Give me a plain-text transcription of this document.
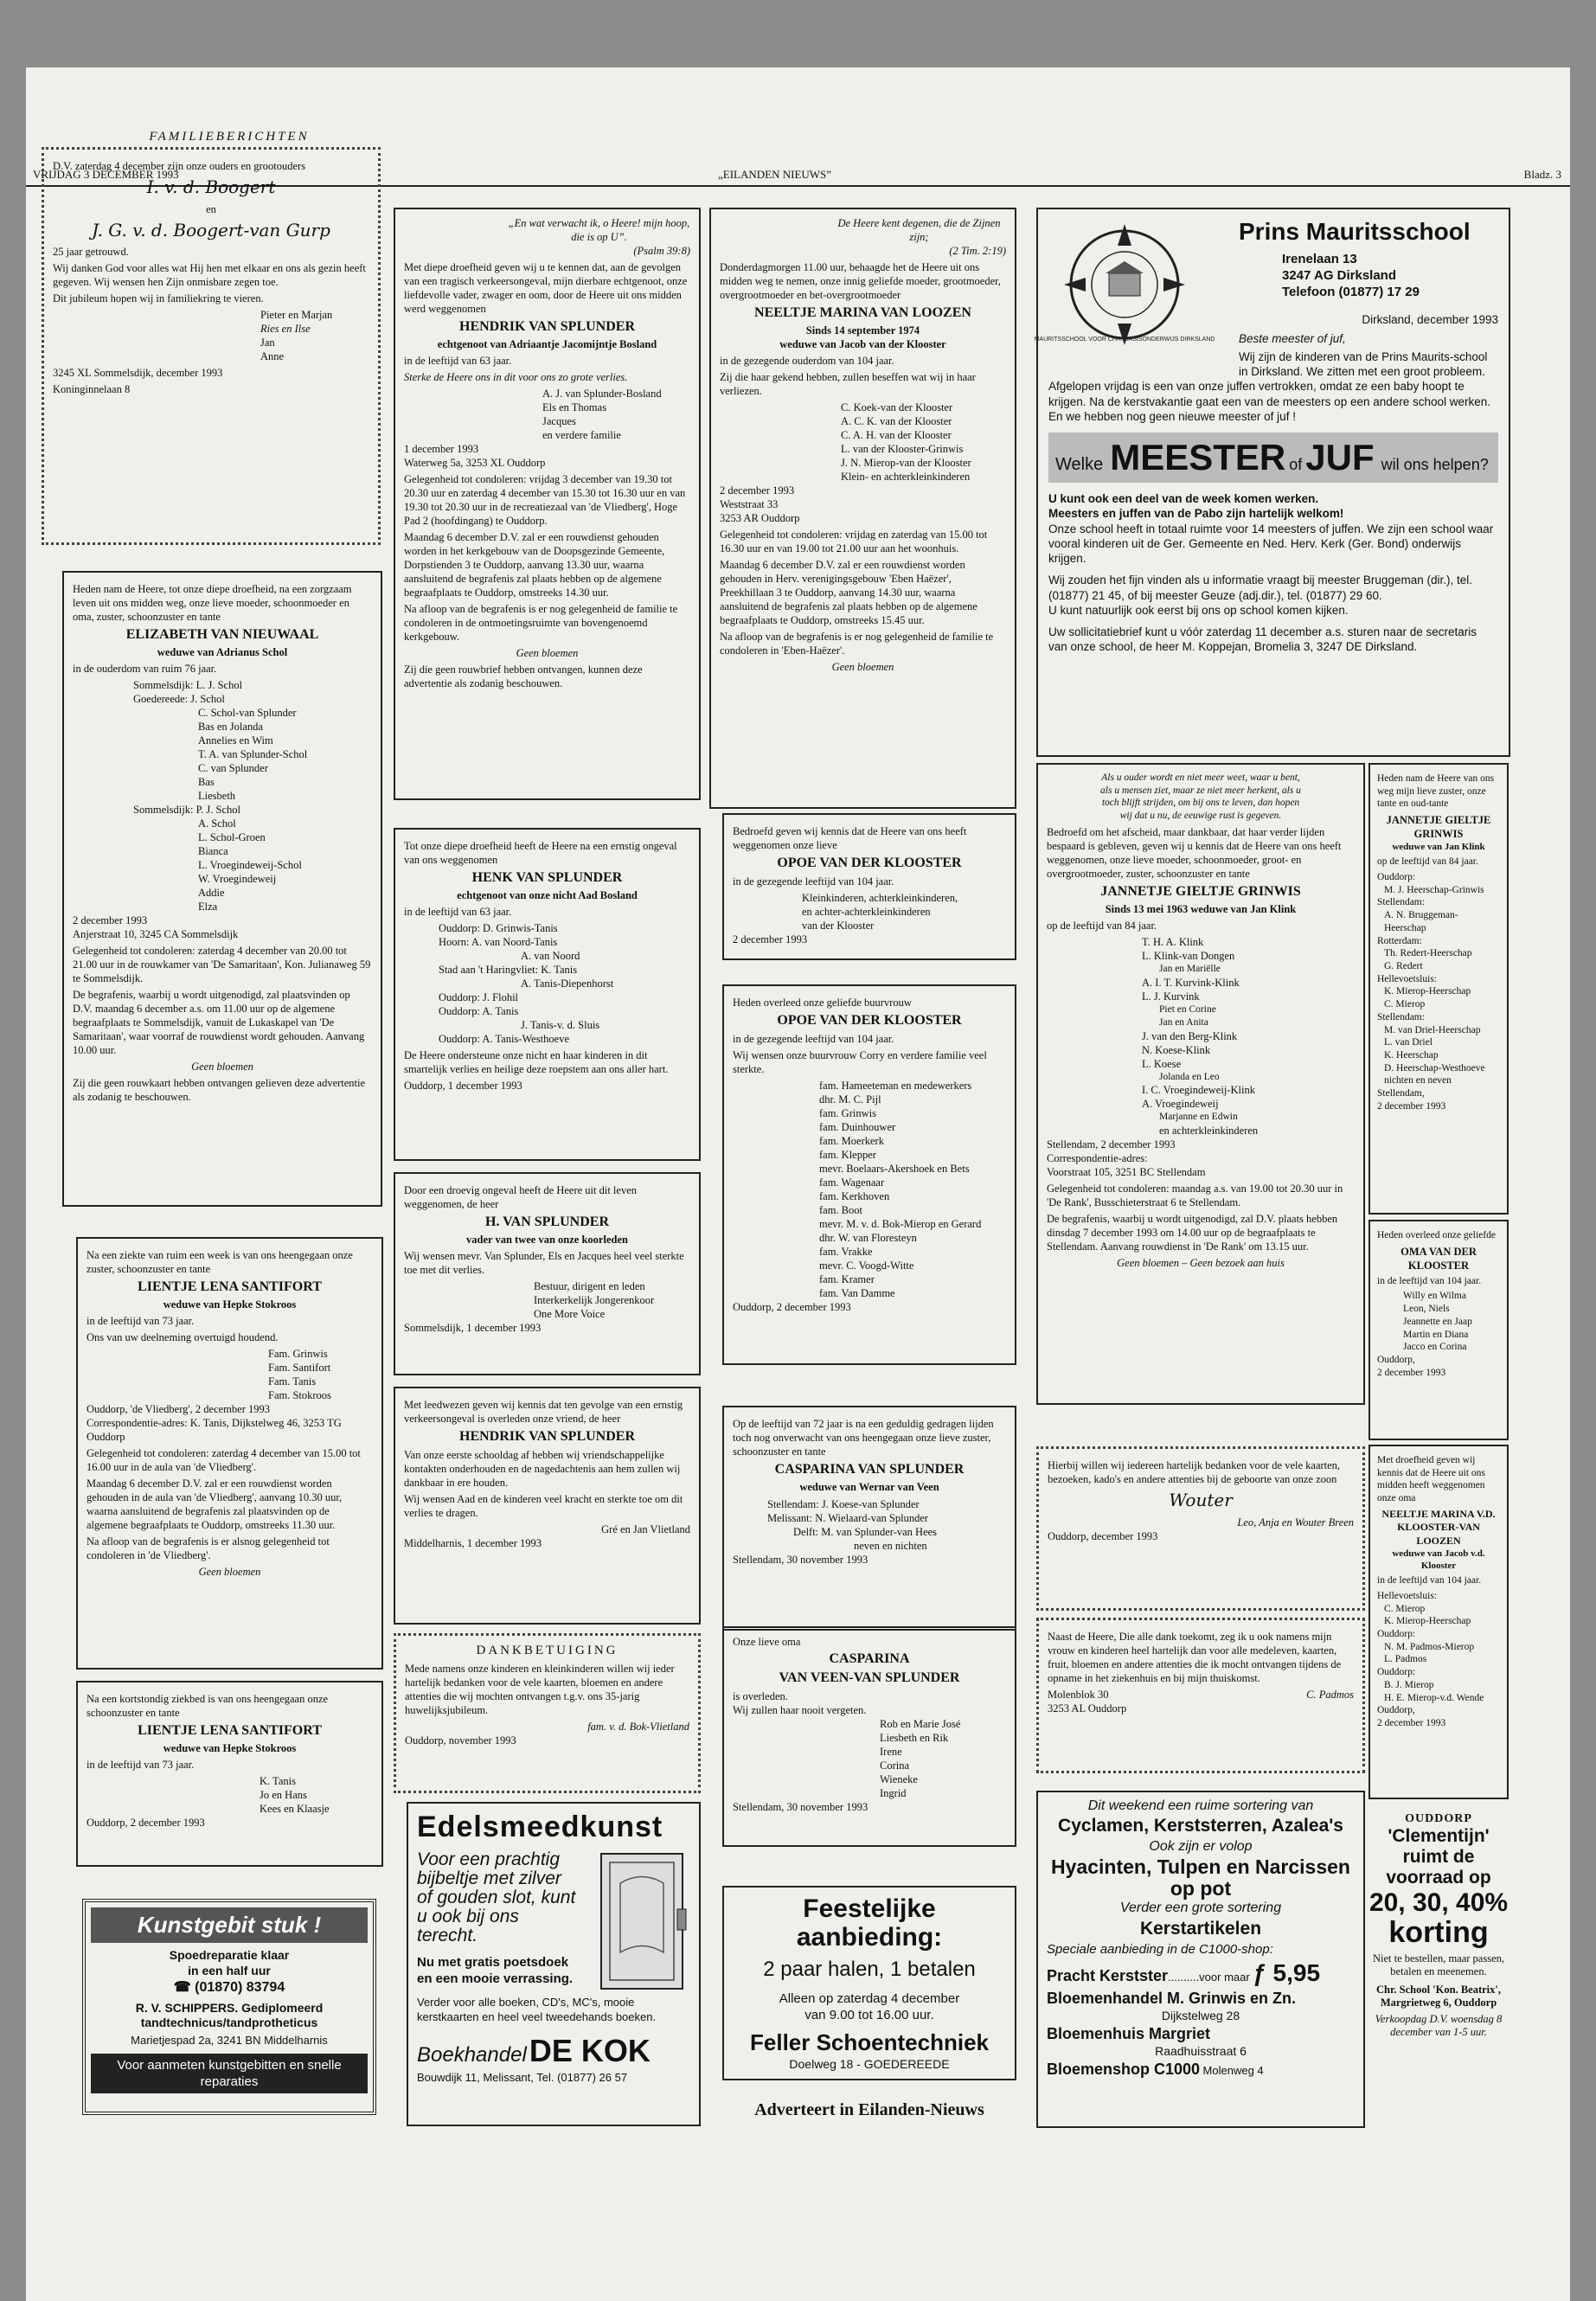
VRIJDAG 3 DECEMBER 1993	„EILANDEN NIEUWS”	Bladz. 3
FAMILIEBERICHTEN

D.V. zaterdag 4 december zijn onze ouders en grootouders

I. v. d. Boogert
en
J. G. v. d. Boogert-van Gurp

25 jaar getrouwd.

Wij danken God voor alles wat Hij hen met elkaar en ons als gezin heeft gegeven. Wij wensen hen Zijn onmisbare zegen toe.

Dit jubileum hopen wij in familiekring te vieren.

Pieter en Marjan
Ries en Ilse
Jan
Anne

3245 XL Sommelsdijk, december 1993

Koninginnelaan 8

Heden nam de Heere, tot onze diepe droefheid, na een zorgzaam leven uit ons midden weg, onze lieve moeder, schoonmoeder en oma, zuster, schoonzuster en tante

ELIZABETH VAN NIEUWAAL
weduwe van Adrianus Schol

in de ouderdom van ruim 76 jaar.

Sommelsdijk: L. J. Schol
Goedereede: J. Schol
C. Schol-van Splunder
Bas en Jolanda
Annelies en Wim
T. A. van Splunder-Schol
C. van Splunder
Bas
Liesbeth
Sommelsdijk: P. J. Schol
A. Schol
L. Schol-Groen
Bianca
L. Vroegindeweij-Schol
W. Vroegindeweij
Addie
Elza
2 december 1993
Anjerstraat 10, 3245 CA Sommelsdijk

Gelegenheid tot condoleren: zaterdag 4 december van 20.00 tot 21.00 uur in de rouwkamer van 'De Samaritaan', Kon. Julianaweg 59 te Sommelsdijk.

De begrafenis, waarbij u wordt uitgenodigd, zal plaatsvinden op D.V. maandag 6 december a.s. om 11.00 uur op de algemene begraafplaats te Sommelsdijk, vanuit de Lukaskapel van 'De Samaritaan', waar voorraf de rouwdienst wordt gehouden. Aanvang 10.00 uur.

Geen bloemen

Zij die geen rouwkaart hebben ontvangen gelieven deze advertentie als zodanig te beschouwen.

Na een ziekte van ruim een week is van ons heengegaan onze zuster, schoonzuster en tante

LIENTJE LENA SANTIFORT
weduwe van Hepke Stokroos

in de leeftijd van 73 jaar.

Ons van uw deelneming overtuigd houdend.

Fam. Grinwis
Fam. Santifort
Fam. Tanis
Fam. Stokroos
Ouddorp, 'de Vliedberg', 2 december 1993
Correspondentie-adres: K. Tanis, Dijkstelweg 46, 3253 TG Ouddorp

Gelegenheid tot condoleren: zaterdag 4 december van 15.00 tot 16.00 uur in de aula van 'de Vliedberg'.

Maandag 6 december D.V. zal er een rouwdienst worden gehouden in de aula van 'de Vliedberg', aanvang 10.30 uur, waarna aansluitend de begrafenis zal plaatsvinden op de algemene begraafplaats te Ouddorp, omstreeks 11.30 uur.

Na afloop van de begrafenis is er alsnog gelegenheid tot condoleren in 'de Vliedberg'.

Geen bloemen

Na een kortstondig ziekbed is van ons heengegaan onze schoonzuster en tante

LIENTJE LENA SANTIFORT
weduwe van Hepke Stokroos

in de leeftijd van 73 jaar.

K. Tanis
Jo en Hans
Kees en Klaasje
Ouddorp, 2 december 1993
Kunstgebit stuk !
Spoedreparatie klaar
in een half uur
☎ (01870) 83794
R. V. SCHIPPERS. Gediplomeerd tandtechnicus/tandprotheticus
Marietjespad 2a, 3241 BN Middelharnis
Voor aanmeten kunstgebitten en snelle reparaties
„En wat verwacht ik, o Heere! mijn hoop, die is op U”.
(Psalm 39:8)

Met diepe droefheid geven wij u te kennen dat, aan de gevolgen van een tragisch verkeersongeval, mijn dierbare echtgenoot, onze liefdevolle vader, zwager en oom, door de Heere uit ons midden werd weggenomen

HENDRIK VAN SPLUNDER
echtgenoot van Adriaantje Jacomijntje Bosland

in de leeftijd van 63 jaar.

Sterke de Heere ons in dit voor ons zo grote verlies.

A. J. van Splunder-Bosland
Els en Thomas
Jacques
en verdere familie
1 december 1993
Waterweg 5a, 3253 XL Ouddorp

Gelegenheid tot condoleren: vrijdag 3 december van 19.30 tot 20.30 uur en zaterdag 4 december van 15.30 tot 16.30 uur en van 19.30 tot 20.30 uur in de recreatiezaal van 'de Vliedberg', Hoge Pad 2 (hoofdingang) te Ouddorp.

Maandag 6 december D.V. zal er een rouwdienst gehouden worden in het kerkgebouw van de Doopsgezinde Gemeente, Dorpstienden 3 te Ouddorp, aanvang 13.30 uur, waarna aansluitend de begrafenis zal plaats hebben op de algemene begraafplaats te Ouddorp, omstreeks 14.30 uur.

Na afloop van de begrafenis is er nog gelegenheid de familie te condoleren in de ontmoetingsruimte van bovengenoemd kerkgebouw.

Geen bloemen

Zij die geen rouwbrief hebben ontvangen, kunnen deze advertentie als zodanig beschouwen.

Tot onze diepe droefheid heeft de Heere na een ernstig ongeval van ons weggenomen

HENK VAN SPLUNDER
echtgenoot van onze nicht Aad Bosland

in de leeftijd van 63 jaar.

Ouddorp: D. Grinwis-Tanis
Hoorn: A. van Noord-Tanis
A. van Noord
Stad aan 't Haringvliet: K. Tanis
A. Tanis-Diepenhorst
Ouddorp: J. Flohil
Ouddorp: A. Tanis
J. Tanis-v. d. Sluis
Ouddorp: A. Tanis-Westhoeve

De Heere ondersteune onze nicht en haar kinderen in dit smartelijk verlies en heilige deze roepstem aan ons aller hart.

Ouddorp, 1 december 1993

Door een droevig ongeval heeft de Heere uit dit leven weggenomen, de heer

H. VAN SPLUNDER
vader van twee van onze koorleden

Wij wensen mevr. Van Splunder, Els en Jacques heel veel sterkte toe met dit verlies.

Bestuur, dirigent en leden
Interkerkelijk Jongerenkoor
One More Voice
Sommelsdijk, 1 december 1993

Met leedwezen geven wij kennis dat ten gevolge van een ernstig verkeersongeval is overleden onze vriend, de heer

HENDRIK VAN SPLUNDER

Van onze eerste schooldag af hebben wij vriendschappelijke kontakten onderhouden en de nagedachtenis aan hem zullen wij dankbaar in ere houden.

Wij wensen Aad en de kinderen veel kracht en sterkte toe om dit verlies te dragen.

Gré en Jan Vlietland
Middelharnis, 1 december 1993
DANKBETUIGING

Mede namens onze kinderen en kleinkinderen willen wij ieder hartelijk bedanken voor de vele kaarten, bloemen en andere attenties die wij mochten ontvangen t.g.v. ons 35-jarig huwelijksjubileum.

fam. v. d. Bok-Vlietland
Ouddorp, november 1993
Edelsmeedkunst
Voor een prachtig bijbeltje met zilver of gouden slot, kunt u ook bij ons terecht.
Nu met gratis poetsdoek en een mooie verrassing.
Verder voor alle boeken, CD's, MC's, mooie kerstkaarten en heel veel tweedehands boeken.
Boekhandel DE KOK
Bouwdijk 11, Melissant, Tel. (01877) 26 57
De Heere kent degenen, die de Zijnen zijn;
(2 Tim. 2:19)

Donderdagmorgen 11.00 uur, behaagde het de Heere uit ons midden weg te nemen, onze innig geliefde moeder, grootmoeder, overgrootmoeder en bet-overgrootmoeder

NEELTJE MARINA VAN LOOZEN
Sinds 14 september 1974
weduwe van Jacob van der Klooster

in de gezegende ouderdom van 104 jaar.

Zij die haar gekend hebben, zullen beseffen wat wij in haar verliezen.

C. Koek-van der Klooster
A. C. K. van der Klooster
C. A. H. van der Klooster
L. van der Klooster-Grinwis
J. N. Mierop-van der Klooster
Klein- en achterkleinkinderen
2 december 1993
Weststraat 33
3253 AR Ouddorp

Gelegenheid tot condoleren: vrijdag en zaterdag van 15.00 tot 16.30 uur en van 19.00 tot 21.00 uur aan het woonhuis.

Maandag 6 december D.V. zal er een rouwdienst worden gehouden in Herv. verenigingsgebouw 'Eben Haëzer', Preekhillaan 3 te Ouddorp, aanvang 14.30 uur, waarna aansluitend de begrafenis zal plaats hebben op de algemene begraafplaats te Ouddorp, omstreeks 15.45 uur.

Na afloop van de begrafenis is er nog gelegenheid de familie te condoleren in 'Eben-Haëzer'.

Geen bloemen

Bedroefd geven wij kennis dat de Heere van ons heeft weggenomen onze lieve

OPOE VAN DER KLOOSTER

in de gezegende leeftijd van 104 jaar.

Kleinkinderen, achterkleinkinderen,
en achter-achterkleinkinderen
van der Klooster
2 december 1993

Heden overleed onze geliefde buurvrouw

OPOE VAN DER KLOOSTER

in de gezegende leeftijd van 104 jaar.

Wij wensen onze buurvrouw Corry en verdere familie veel sterkte.

fam. Hameeteman en medewerkers
dhr. M. C. Pijl
fam. Grinwis
fam. Duinhouwer
fam. Moerkerk
fam. Klepper
mevr. Boelaars-Akershoek en Bets
fam. Wagenaar
fam. Kerkhoven
fam. Boot
mevr. M. v. d. Bok-Mierop en Gerard
dhr. W. van Floresteyn
fam. Vrakke
mevr. C. Voogd-Witte
fam. Kramer
fam. Van Damme
Ouddorp, 2 december 1993

Op de leeftijd van 72 jaar is na een geduldig gedragen lijden toch nog onverwacht van ons heengegaan onze lieve zuster, schoonzuster en tante

CASPARINA VAN SPLUNDER
weduwe van Wernar van Veen
Stellendam: J. Koese-van Splunder
Melissant: N. Wielaard-van Splunder
Delft: M. van Splunder-van Hees
neven en nichten
Stellendam, 30 november 1993
Onze lieve oma
CASPARINA
VAN VEEN-VAN SPLUNDER
is overleden.
Wij zullen haar nooit vergeten.
Rob en Marie José
Liesbeth en Rik
Irene
Corina
Wieneke
Ingrid
Stellendam, 30 november 1993
Feestelijke aanbieding:
2 paar halen, 1 betalen
Alleen op zaterdag 4 december
van 9.00 tot 16.00 uur.
Feller Schoentechniek
Doelweg 18 - GOEDEREEDE
Adverteert in Eilanden-Nieuws
MAURITSSCHOOL VOOR CHR. BASISONDERWIJS DIRKSLAND
Prins Mauritsschool
Irenelaan 13
3247 AG Dirksland
Telefoon (01877) 17 29
Dirksland, december 1993
Beste meester of juf,
Wij zijn de kinderen van de Prins Maurits-school in Dirksland. We zitten met een groot probleem.
Afgelopen vrijdag is een van onze juffen vertrokken, omdat ze een baby hoopt te krijgen. Na de kerstvakantie gaat een van de meesters op een andere school werken.
En we hebben nog geen nieuwe meester of juf !
Welke MEESTER of JUF wil ons helpen?
U kunt ook een deel van de week komen werken.
Meesters en juffen van de Pabo zijn hartelijk welkom!
Onze school heeft in totaal ruimte voor 14 meesters of juffen. We zijn een school waar vooral kinderen uit de Ger. Gemeente en Ned. Herv. Kerk (Ger. Bond) onderwijs krijgen.
Wij zouden het fijn vinden als u informatie vraagt bij meester Bruggeman (dir.), tel. (01877) 21 45, of bij meester Geuze (adj.dir.), tel. (01877) 29 60.
U kunt natuurlijk ook eerst bij ons op school komen kijken.
Uw sollicitatiebrief kunt u vóór zaterdag 11 december a.s. sturen naar de secretaris van onze school, de heer M. Koppejan, Bromelia 3, 3247 DE Dirksland.
Als u ouder wordt en niet meer weet, waar u bent, als u mensen ziet, maar ze niet meer herkent, als u toch blijft strijden, om bij ons te leven, dan hopen wij dat u nu, de eeuwige rust is gegeven.

Bedroefd om het afscheid, maar dankbaar, dat haar verder lijden bespaard is gebleven, geven wij u kennis dat de Heere van ons heeft weggenomen, onze lieve moeder, schoonmoeder, groot- en overgrootmoeder, zuster, schoonzuster en tante

JANNETJE GIELTJE GRINWIS
Sinds 13 mei 1963 weduwe van Jan Klink

op de leeftijd van 84 jaar.

T. H. A. Klink
L. Klink-van Dongen
Jan en Mariëlle
A. I. T. Kurvink-Klink
L. J. Kurvink
Piet en Corine
Jan en Anita
J. van den Berg-Klink
N. Koese-Klink
L. Koese
Jolanda en Leo
I. C. Vroegindeweij-Klink
A. Vroegindeweij
Marjanne en Edwin
en achterkleinkinderen
Stellendam, 2 december 1993
Correspondentie-adres:
Voorstraat 105, 3251 BC Stellendam

Gelegenheid tot condoleren: maandag a.s. van 19.00 tot 20.30 uur in 'De Rank', Busschieterstraat 6 te Stellendam.

De begrafenis, waarbij u wordt uitgenodigd, zal D.V. plaats hebben dinsdag 7 december 1993 om 14.00 uur op de begraafplaats te Stellendam. Aanvang rouwdienst in 'De Rank' om 13.15 uur.

Geen bloemen – Geen bezoek aan huis

Hierbij willen wij iedereen hartelijk bedanken voor de vele kaarten, bezoeken, kado's en andere attenties bij de geboorte van onze zoon

Wouter
Leo, Anja en Wouter Breen
Ouddorp, december 1993

Naast de Heere, Die alle dank toekomt, zeg ik u ook namens mijn vrouw en kinderen heel hartelijk dan voor alle medeleven, kaarten, fruit, bloemen en andere attenties die ik mocht ontvangen tijdens de opname in het ziekenhuis en bij mijn thuiskomst.

Molenblok 30	C. Padmos
3253 AL Ouddorp
Dit weekend een ruime sortering van
Cyclamen, Kerststerren, Azalea's
Ook zijn er volop
Hyacinten, Tulpen en Narcissen op pot
Verder een grote sortering
Kerstartikelen
Speciale aanbieding in de C1000-shop:
Pracht Kerstster..........voor maar ƒ 5,95
Bloemenhandel M. Grinwis en Zn.
Dijkstelweg 28
Bloemenhuis Margriet
Raadhuisstraat 6
Bloemenshop C1000 Molenweg 4

Heden nam de Heere van ons weg mijn lieve zuster, onze tante en oud-tante

JANNETJE GIELTJE GRINWIS
weduwe van Jan Klink

op de leeftijd van 84 jaar.

Ouddorp:
M. J. Heerschap-Grinwis
Stellendam:
A. N. Bruggeman-Heerschap
Rotterdam:
Th. Redert-Heerschap
G. Redert
Hellevoetsluis:
K. Mierop-Heerschap
C. Mierop
Stellendam:
M. van Driel-Heerschap
L. van Driel
K. Heerschap
D. Heerschap-Westhoeve
nichten en neven
Stellendam,
2 december 1993

Heden overleed onze geliefde

OMA VAN DER KLOOSTER

in de leeftijd van 104 jaar.

Willy en Wilma
Leon, Niels
Jeannette en Jaap
Martin en Diana
Jacco en Corina
Ouddorp,
2 december 1993

Met droefheid geven wij kennis dat de Heere uit ons midden heeft weggenomen onze oma

NEELTJE MARINA V.D. KLOOSTER-VAN LOOZEN
weduwe van Jacob v.d. Klooster

in de leeftijd van 104 jaar.

Hellevoetsluis:
C. Mierop
K. Mierop-Heerschap
Ouddorp:
N. M. Padmos-Mierop
L. Padmos
Ouddorp:
B. J. Mierop
H. E. Mierop-v.d. Wende
Ouddorp,
2 december 1993
OUDDORP
'Clementijn' ruimt de voorraad op
20, 30, 40%
korting
Niet te bestellen, maar passen, betalen en meenemen.
Chr. School 'Kon. Beatrix', Margrietweg 6, Ouddorp
Verkoopdag D.V. woensdag 8 december van 1-5 uur.
